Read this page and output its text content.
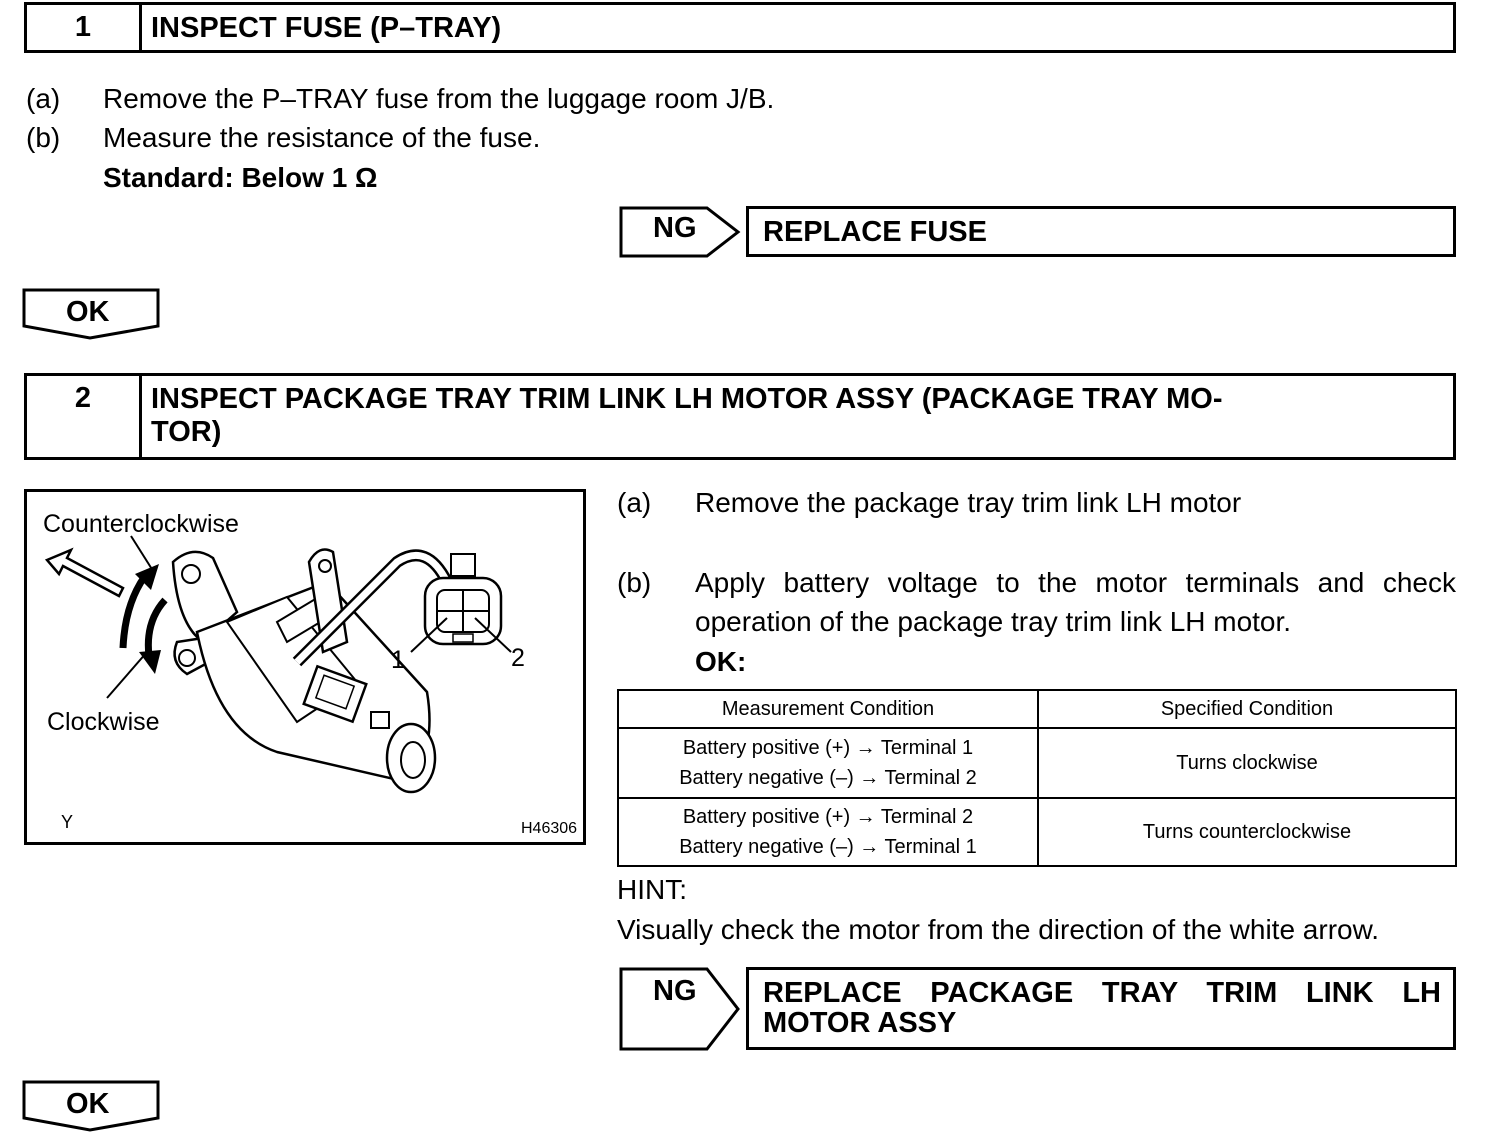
1	INSPECT FUSE (P–TRAY)
(a) Remove the P–TRAY fuse from the luggage room J/B.
(b) Measure the resistance of the fuse.
Standard: Below 1 Ω
NG REPLACE FUSE
OK
2	INSPECT PACKAGE TRAY TRIM LINK LH MOTOR ASSY (PACKAGE TRAY MO-
TOR)
Counterclockwise
Clockwise
1	2
Y	H46306
(a) Remove the package tray trim link LH motor
(b) Apply battery voltage to the motor terminals and check
operation of the package tray trim link LH motor.
OK:
Measurement Condition	Specified Condition

Battery positive (+) → Terminal 1
Battery negative (–) → Terminal 2	Turns clockwise

Battery positive (+) → Terminal 2
Battery negative (–) → Terminal 1	Turns counterclockwise
HINT:
Visually check the motor from the direction of the white arrow.
NG REPLACE PACKAGE TRAY TRIM LINK LH
MOTOR ASSY
OK
